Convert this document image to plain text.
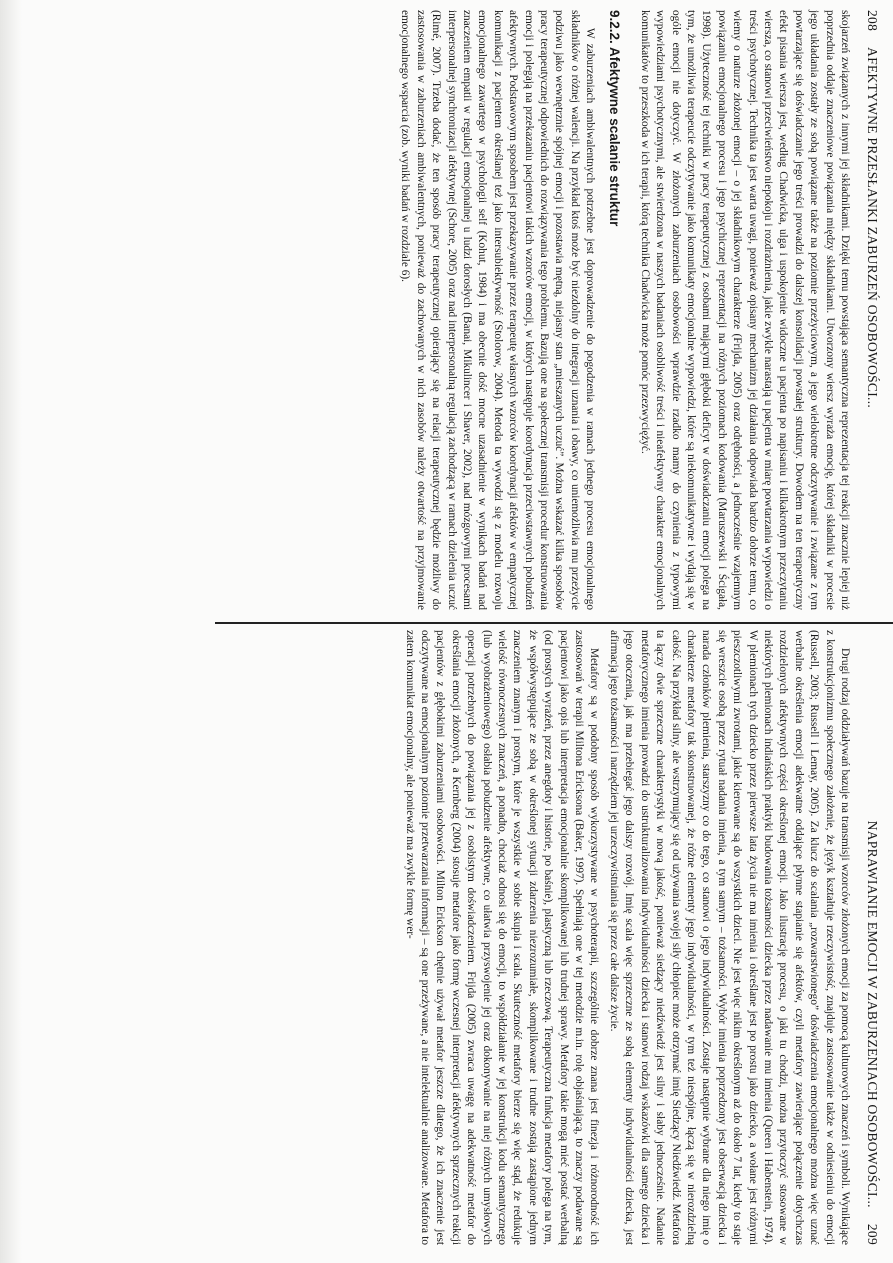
208
AFEKTYWNE PRZESŁANKI ZABURZEŃ OSOBOWOŚCI...

skojarzeń związanych z innymi jej składnikami. Dzięki temu powstająca semantyczna reprezentacja tej reakcji znacznie lepiej niż poprzednia oddaje znaczeniowe powiązania między składnikami. Utworzony wiersz wyraża emocję, której składniki w procesie jego układania zostały ze sobą powiązane także na poziomie przeżyciowym, a jego wielokrotne odczytywanie i związane z tym powtarzające się doświadczanie jego treści prowadzi do dalszej konsolidacji powstałej struktury. Dowodem na ten terapeutyczny efekt pisania wiersza jest, według Chadwicka, ulga i uspokojenie widoczne u pacjenta po napisaniu i kilkakrotnym przeczytaniu wiersza, co stanowi przeciwieństwo niepokoju i rozdrażnienia, jakie zwykle narastają u pacjenta w miarę powtarzania wypowiedzi o treści psychotycznej. Technika ta jest warta uwagi, ponieważ opisany mechanizm jej działania odpowiada bardzo dobrze temu, co wiemy o naturze złożonej emocji – o jej składnikowym charakterze (Frijda, 2005) oraz odrębności, a jednocześnie wzajemnym powiązaniu emocjonalnego procesu i jego psychicznej reprezentacji na różnych poziomach kodowania (Maruszewski i Ścigała, 1998). Użyteczność tej techniki w pracy terapeutycznej z osobami mającymi głęboki deficyt w doświadczaniu emocji polega na tym, że umożliwia terapeucie odczytywanie jako komunikaty emocjonalne wypowiedzi, które są niekomunikatywne i wydają się w ogóle emocji nie dotyczyć. W złożonych zaburzeniach osobowości wprawdzie rzadko mamy do czynienia z typowymi wypowiedziami psychotycznymi, ale stwierdzona w naszych badaniach osobliwość treści i nieafektywny charakter emocjonalnych komunikatów to przeszkoda w ich terapii, którą technika Chadwicka może pomóc przezwyciężyć.

9.2.2. Afektywne scalanie struktur

W zaburzeniach ambiwalentnych potrzebne jest doprowadzenie do pogodzenia w ramach jednego procesu emocjonalnego składników o różnej walencji. Na przykład ktoś może być niezdolny do integracji uznania i obawy, co uniemożliwia mu przeżycie podziwu jako wewnętrznie spójnej emocji i pozostawia mętną, niejasny stan „mieszanych uczuć”. Można wskazać kilka sposobów pracy terapeutycznej odpowiednich do rozwiązywania tego problemu. Bazują one na społecznej transmisji procedur konstruowania emocji i polegają na przekazaniu pacjentowi takich wzorców emocji, w których następuje koordynacja przeciwstawnych pobudzeń afektywnych. Podstawowym sposobem jest przekazywanie przez terapeutę własnych wzorców koordynacji afektów w empatycznej komunikacji z pacjentem określanej też jako intersubiektywność (Stolorow, 2004). Metoda ta wywodzi się z modelu rozwoju emocjonalnego zawartego w psychologii self (Kohut, 1984) i ma obecnie dość mocne uzasadnienie w wynikach badań nad znaczeniem empatii w regulacji emocjonalnej u ludzi dorosłych (Banai, Mikulincer i Shaver, 2002), nad mózgowymi procesami interpersonalnej synchronizacji afektywnej (Schore, 2005) oraz nad interpersonalną regulacją zachodzącą w ramach dzielenia uczuć (Rimé, 2007). Trzeba dodać, że ten sposób pracy terapeutycznej opierający się na relacji terapeutycznej będzie możliwy do zastosowania w zaburzeniach ambiwalentnych, ponieważ do zachowanych w nich zasobów należy otwartość na przyjmowanie emocjonalnego wsparcia (zob. wyniki badań w rozdziale 6).

NAPRAWIANIE EMOCJI W ZABURZENIACH OSOBOWOŚCI...
209

Drugi rodzaj oddziaływań bazuje na transmisji wzorców złożonych emocji za pomocą kulturowych znaczeń i symboli. Wynikające z konstrukcjonizmu społecznego założenie, że język kształtuje rzeczywistość, znajduje zastosowanie także w odniesieniu do emocji (Russell, 2003; Russell i Lemay, 2005). Za klucz do scalania „rozwarstwionego” doświadczenia emocjonalnego można więc uznać werbalne określenia emocji adekwatne oddające płynne stapianie się afektów, czyli metafory zawierające połączenie dotychczas rozdzielonych afektywnych części określonej emocji. Jako ilustrację procesu, o jaki tu chodzi, można przytoczyć stosowane w niektórych plemionach indiańskich praktyki budowania tożsamości dziecka przez nadawanie mu imienia (Queen i Habenstein, 1974). W plemionach tych dziecko przez pierwsze lata życia nie ma imienia i określane jest po prostu jako dziecko, a wołane jest różnymi pieszczotliwymi zwrotami, jakie kierowane są do wszystkich dzieci. Nie jest więc nikim określonym aż do około 7 lat, kiedy to staje się wreszcie osobą przez rytuał nadania imienia, a tym samym – tożsamości. Wybór imienia poprzedzony jest obserwacją dziecka i narada członków plemienia, starszyzny co do tego, co stanowi o jego indywidualności. Zostaje następnie wybrane dla niego imię o charakterze metafory tak skonstruowanej, że różne elementy jego indywidualności, w tym też niespójne, łączą się w nierozdzielną całość. Na przykład silny, ale wstrzymujący się od używania swojej siły chłopiec może otrzymać imię Siedzący Niedźwiedź. Metafora ta łączy dwie sprzeczne charakterystyki w nową jakość, ponieważ siedzący niedźwiedź jest silny i słaby jednocześnie. Nadanie metaforycznego imienia prowadzi do ustrukturalizowania indywidualności dziecka i stanowi rodzaj wskazówki dla samego dziecka i jego otoczenia, jak ma przebiegać jego dalszy rozwój. Imię scala więc sprzeczne ze sobą elementy indywidualności dziecka, jest afirmacją jego tożsamości i narzędziem jej urzeczywistniania się przez całe dalsze życie.

Metafory są w podobny sposób wykorzystywane w psychoterapii, szczególnie dobrze znana jest finezja i różnorodność ich zastosowań w terapii Miltona Ericksona (Baker, 1997). Spełniają one w tej metodzie m.in. rolę objaśniającą, to znaczy podawane są pacjentowi jako opis lub interpretacja emocjonalnie skomplikowanej lub trudnej sprawy. Metafory takie mogą mieć postać werbalną (od prostych wyrażeń, przez anegdoty i historie, po baśnie), plastyczną lub rzeczową. Terapeutyczna funkcja metafory polega na tym, że współwystępujące ze sobą w określonej sytuacji zdarzenia niezrozumiałe, skomplikowane i trudne zostają zastąpione jednym znaczeniem znanym i prostym, które je wszystkie w sobie skupia i scala. Skuteczność metafory bierze się więc stąd, że redukuje wielość równoczesnych znaczeń, a ponadto, chociaż odnosi się do emocji, to współdziałanie w jej konstrukcji kodu semantycznego (lub wyobrażeniowego) osłabia pobudzenie afektywne, co ułatwia przyswojenie jej oraz dokonywanie na niej różnych umysłowych operacji potrzebnych do powiązania jej z osobistym doświadczeniem. Frijda (2005) zwraca uwagę na adekwatność metafor do określania emocji złożonych, a Kernberg (2004) stosuje metafore jako formę wczesnej interpretacji afektywnych sprzecznych reakcji pacjentów z głębokimi zaburzeniami osobowości. Milton Erickson chętnie używał metafor jeszcze dlatego, że ich znaczenie jest odczytywane na emocjonalnym poziomie przetwarzania informacji – są one przeżywane, a nie intelektualnie analizowane. Metafora to zatem komunikat emocjonalny, ale ponieważ ma zwykle formę wer-
